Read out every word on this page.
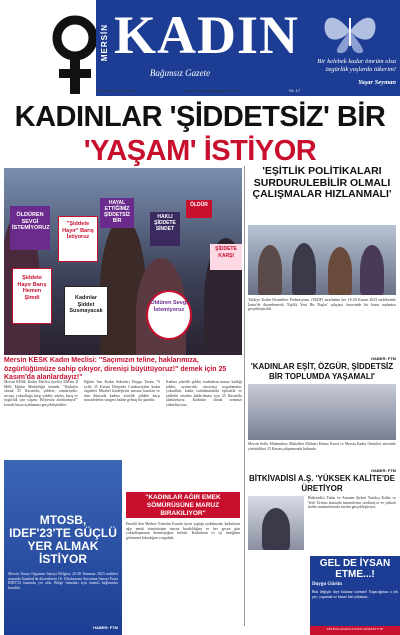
MERSİN KADIN
Bağımsız Gazete
Bir kelebek kadar ömrüm olsa özgürlük yaşlarda tükerim!
Yaşar Seyman
25 Kasım 2023 Cuma	www.mersinkadingazetesi.com	Yıl: 17
KADINLAR 'ŞİDDETSİZ' BİR
'YAŞAM' İSTİYOR
ÖLDÜREN SEVGİ İSTEMİYORUZ
HAYAL ETTİĞİMİZ ŞİDDETSİZ BİR
"Şiddete Hayır" Barış İstiyoruz
HAKLI ŞİDDETE SİNDET
Şiddete Hayır Barış Hemen Şimdi
Öldüren Sevgi İstemiyoruz
Kadınlar Şiddet Susmayacak
ÖLDÜR
ŞİDDETE KARŞI
Mersin KESK Kadın Meclisi: "Saçımızın teline, haklarımıza, özgürlüğümüze sahip çıkıyor, direnişi büyütüyoruz!" demek için 25 Kasım'da alanlardayız!"
Mersin KESK Kadın Meclisi üyeleri Mersin İl Milli Eğitim Müdürlüğü önünde, "Kadınlar olarak 25 Kasım'da; şiddete, sömürüyüle, savaşa, yoksulluğa karşı şiddeti, adalet, barış ve özgürlük için yaşam. Böylesini alanlardayız!" konulu basın açıklaması gerçekleştirdiler.
Eğitim Sen Kadın Sekreteri Duygu Tazen, "6 eylül 25 Kasım Dünyada Cumhuriyetin kadın örgütleri Mirabel kardeşlerin anısına kurulan ve tüm dünyada kadına yönelik şiddete karşı mücadelenin simgesi haline gelmiş bir gündür.
Kadına yönelik şiddet, kadınların maruz kaldığı şiddet, ayrımcılık, cinsiyetçi uygulamalar, yoksulluk, kadın istihdamındaki eşitsizlik ve şiddetin ortadan kaldırılması için 25 Kasım'da alanlardayız. Kadınlar olarak sesimizi yükseltiyoruz.
MTOSB, IDEF'23'TE GÜÇLÜ YER ALMAK İSTİYOR
Mersin Tarsus Organize Sanayi Bölgesi, 25-30 Temmuz 2023 tarihleri arasında İstanbul'da düzenlenen 16. Uluslararası Savunma Sanayi Fuarı IDEF'23 fuarında yer aldı. Bölge firmaları için önemli bağlantılar kuruldu.
HABER: FTM
"KADINLAR AĞIR EMEK SÖMÜRÜSÜNE MARUZ BIRAKILIYOR"
Emekli Sen Merkez Yönetim Kurulu üyesi yaptığı açıklamada, kadınların ağır emek sömürüsüne maruz bırakıldığını ve her geçen gün yoksullaşmanın derinleştiğini belirtti. Kadınların ev içi emeğinin görünmez kılındığını vurguladı.
'EŞİTLİK POLİTİKALARI SURDURULEBİLİR OLMALI ÇALIŞMALAR HIZLANMALI'
Türkiye Kadın Dernekleri Federasyonu (TKDF) tarafından her 18-20 Kasım 2023 tarihlerinde İzmir'de düzenlenecek 'Eşitlik Yeni Bir Başlar' çalıştayı öncesinde bir basın toplantısı gerçekleştirildi.
HABER: FTM
'KADINLAR EŞİT, ÖZGÜR, ŞİDDETSİZ BİR TOPLUMDA YAŞAMALI'
Mersin Soflu Mahmutbey Mahallesi Muhtarı Emine Kural ve Mersin Kadın Ömürleri sitesinde yürüttükleri 25 Kasım çalışmasında bulundu.
HABER: FTM
BİTKİVADİSİ A.Ş. 'YÜKSEK KALİTE'DE ÜRETİYOR
Bitkivadisi Tütün ve Anonim Şirketi Yurtdışı Kalite ve Yerli Üretim alanında hizmetlerini sürdürüyor ve yüksek kalite standartlarında üretim gerçekleştiriyor.
GEL DE İYSAN ETME...!
Duygu Gürün
Bizi değiştir diye bulunur istemez! Yapacağımız o tek şey: yaşamak ve kimse bizi yıkamaz...
ZELİHA ANOĞLU'NUN KÖŞESİ YTE
